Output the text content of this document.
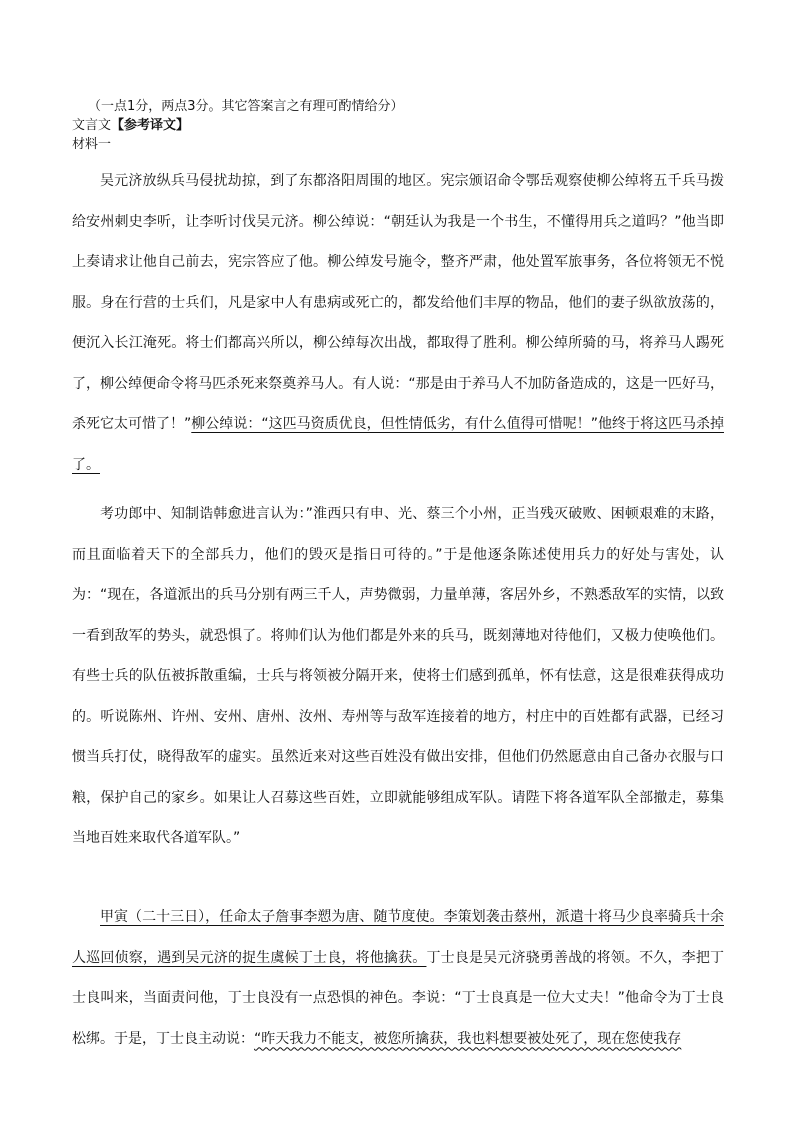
（一点1分，两点3分。其它答案言之有理可酌情给分）
文言文【参考译文】
材料一

吴元济放纵兵马侵扰劫掠，到了东都洛阳周围的地区。宪宗颁诏命令鄂岳观察使柳公绰将五千兵马拨给安州刺史李听，让李听讨伐吴元济。柳公绰说：“朝廷认为我是一个书生，不懂得用兵之道吗？”他当即上奏请求让他自己前去，宪宗答应了他。柳公绰发号施令，整齐严肃，他处置军旅事务，各位将领无不悦服。身在行营的士兵们，凡是家中人有患病或死亡的，都发给他们丰厚的物品，他们的妻子纵欲放荡的，便沉入长江淹死。将士们都高兴所以，柳公绰每次出战，都取得了胜利。柳公绰所骑的马，将养马人踢死了，柳公绰便命令将马匹杀死来祭奠养马人。有人说：“那是由于养马人不加防备造成的，这是一匹好马，杀死它太可惜了！”柳公绰说：“这匹马资质优良，但性情低劣，有什么值得可惜呢！”他终于将这匹马杀掉了。

考功郎中、知制诰韩愈进言认为：”淮西只有申、光、蔡三个小州，正当残灭破败、困顿艰难的末路，而且面临着天下的全部兵力，他们的毁灭是指日可待的。”于是他逐条陈述使用兵力的好处与害处，认为：“现在，各道派出的兵马分别有两三千人，声势微弱，力量单薄，客居外乡，不熟悉敌军的实情，以致一看到敌军的势头，就恐惧了。将帅们认为他们都是外来的兵马，既刻薄地对待他们，又极力使唤他们。有些士兵的队伍被拆散重编，士兵与将领被分隔开来，使将士们感到孤单，怀有怯意，这是很难获得成功的。听说陈州、许州、安州、唐州、汝州、寿州等与敌军连接着的地方，村庄中的百姓都有武器，已经习惯当兵打仗，晓得敌军的虚实。虽然近来对这些百姓没有做出安排，但他们仍然愿意由自己备办衣服与口粮，保护自己的家乡。如果让人召募这些百姓，立即就能够组成军队。请陛下将各道军队全部撤走，募集当地百姓来取代各道军队。”

甲寅（二十三日），任命太子詹事李愬为唐、随节度使。李策划袭击蔡州，派遣十将马少良率骑兵十余人巡回侦察，遇到吴元济的捉生虞候丁士良，将他擒获。丁士良是吴元济骁勇善战的将领。不久，李把丁士良叫来，当面责问他，丁士良没有一点恐惧的神色。李说：“丁士良真是一位大丈夫！”他命令为丁士良松绑。于是，丁士良主动说：“昨天我力不能支，被您所擒获，我也料想要被处死了，现在您使我存
